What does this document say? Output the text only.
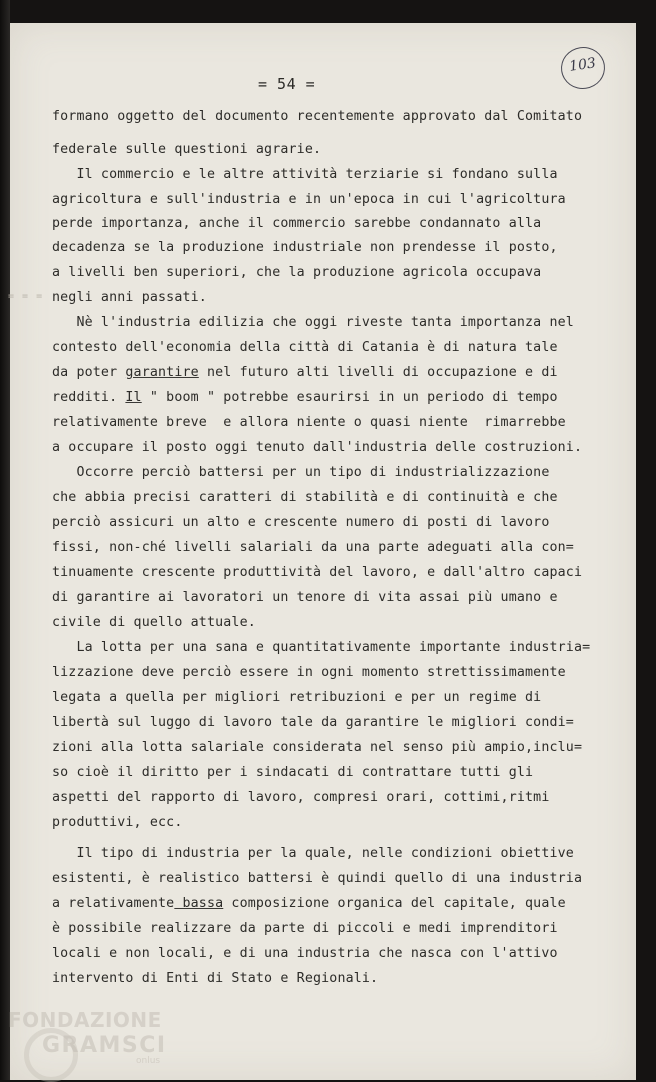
= 54 =
103
= = =
formano oggetto del documento recentemente approvato dal Comitato
federale sulle questioni agrarie.
Il commercio e le altre attività terziarie si fondano sulla
agricoltura e sull'industria e in un'epoca in cui l'agricoltura
perde importanza, anche il commercio sarebbe condannato alla
decadenza se la produzione industriale non prendesse il posto,
a livelli ben superiori, che la produzione agricola occupava
negli anni passati.
Nè l'industria edilizia che oggi riveste tanta importanza nel
contesto dell'economia della città di Catania è di natura tale
da poter garantire nel futuro alti livelli di occupazione e di
redditi. Il " boom " potrebbe esaurirsi in un periodo di tempo
relativamente breve  e allora niente o quasi niente  rimarrebbe
a occupare il posto oggi tenuto dall'industria delle costruzioni.
Occorre perciò battersi per un tipo di industrializzazione
che abbia precisi caratteri di stabilità e di continuità e che
perciò assicuri un alto e crescente numero di posti di lavoro
fissi, non-ché livelli salariali da una parte adeguati alla con=
tinuamente crescente produttività del lavoro, e dall'altro capaci
di garantire ai lavoratori un tenore di vita assai più umano e
civile di quello attuale.
La lotta per una sana e quantitativamente importante industria=
lizzazione deve perciò essere in ogni momento strettissimamente
legata a quella per migliori retribuzioni e per un regime di
libertà sul luggo di lavoro tale da garantire le migliori condi=
zioni alla lotta salariale considerata nel senso più ampio,inclu=
so cioè il diritto per i sindacati di contrattare tutti gli
aspetti del rapporto di lavoro, compresi orari, cottimi,ritmi
produttivi, ecc.
Il tipo di industria per la quale, nelle condizioni obiettive
esistenti, è realistico battersi è quindi quello di una industria
a relativamente bassa composizione organica del capitale, quale
è possibile realizzare da parte di piccoli e medi imprenditori
locali e non locali, e di una industria che nasca con l'attivo
intervento di Enti di Stato e Regionali.
FONDAZIONE
GRAMSCI
onlus
